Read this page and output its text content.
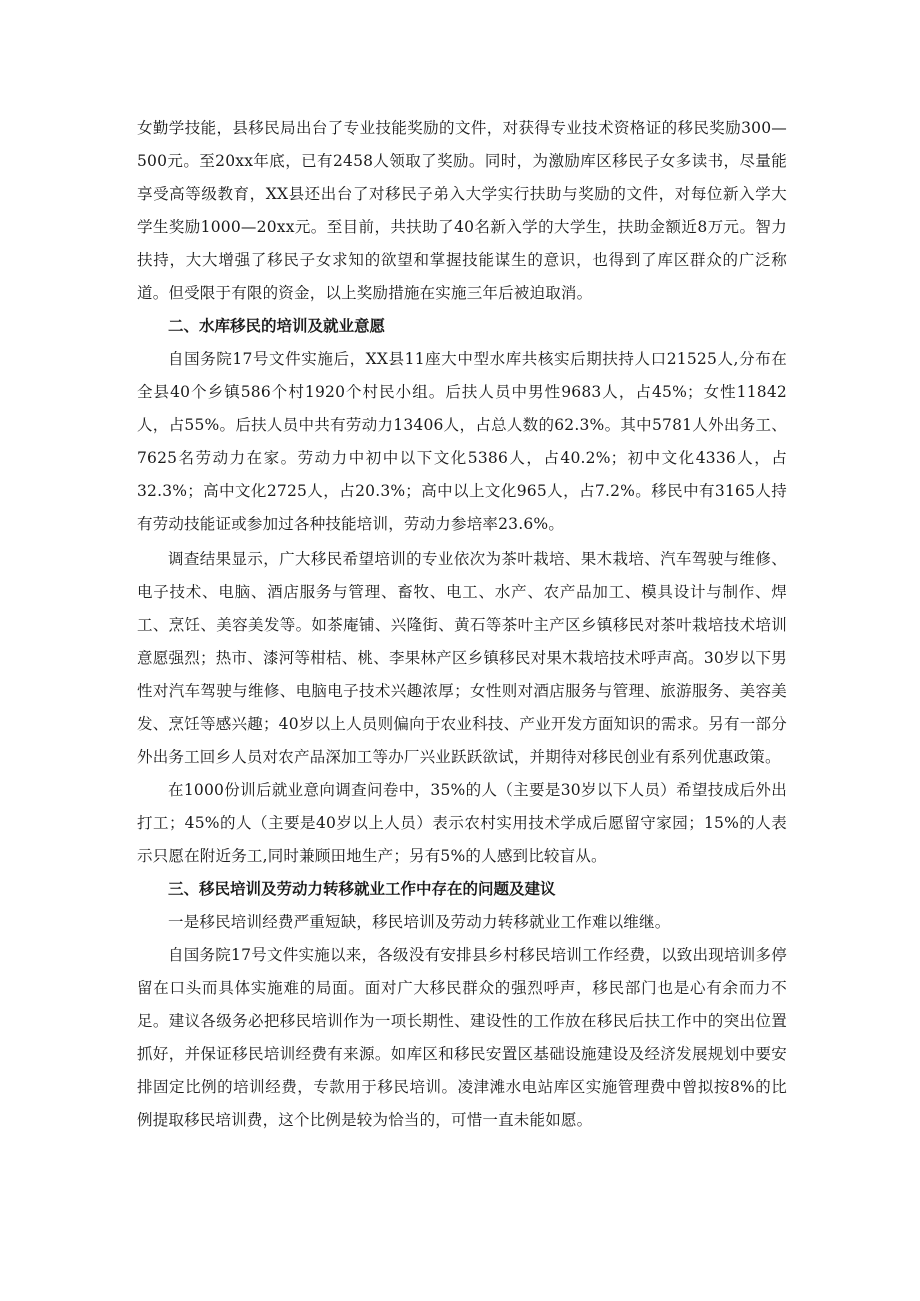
女勤学技能，县移民局出台了专业技能奖励的文件，对获得专业技术资格证的移民奖励300—500元。至20xx年底，已有2458人领取了奖励。同时，为激励库区移民子女多读书，尽量能享受高等级教育，XX县还出台了对移民子弟入大学实行扶助与奖励的文件，对每位新入学大学生奖励1000—20xx元。至目前，共扶助了40名新入学的大学生，扶助金额近8万元。智力扶持，大大增强了移民子女求知的欲望和掌握技能谋生的意识，也得到了库区群众的广泛称道。但受限于有限的资金，以上奖励措施在实施三年后被迫取消。

二、水库移民的培训及就业意愿

自国务院17号文件实施后，XX县11座大中型水库共核实后期扶持人口21525人,分布在全县40个乡镇586个村1920个村民小组。后扶人员中男性9683人，占45%；女性11842人，占55%。后扶人员中共有劳动力13406人，占总人数的62.3%。其中5781人外出务工、7625名劳动力在家。劳动力中初中以下文化5386人，占40.2%；初中文化4336人，占32.3%；高中文化2725人，占20.3%；高中以上文化965人，占7.2%。移民中有3165人持有劳动技能证或参加过各种技能培训，劳动力参培率23.6%。

调查结果显示，广大移民希望培训的专业依次为茶叶栽培、果木栽培、汽车驾驶与维修、电子技术、电脑、酒店服务与管理、畜牧、电工、水产、农产品加工、模具设计与制作、焊工、烹饪、美容美发等。如茶庵铺、兴隆街、黄石等茶叶主产区乡镇移民对茶叶栽培技术培训意愿强烈；热市、漆河等柑桔、桃、李果林产区乡镇移民对果木栽培技术呼声高。30岁以下男性对汽车驾驶与维修、电脑电子技术兴趣浓厚；女性则对酒店服务与管理、旅游服务、美容美发、烹饪等感兴趣；40岁以上人员则偏向于农业科技、产业开发方面知识的需求。另有一部分外出务工回乡人员对农产品深加工等办厂兴业跃跃欲试，并期待对移民创业有系列优惠政策。

在1000份训后就业意向调查问卷中，35%的人（主要是30岁以下人员）希望技成后外出打工；45%的人（主要是40岁以上人员）表示农村实用技术学成后愿留守家园；15%的人表示只愿在附近务工,同时兼顾田地生产；另有5%的人感到比较盲从。

三、移民培训及劳动力转移就业工作中存在的问题及建议

一是移民培训经费严重短缺，移民培训及劳动力转移就业工作难以维继。

自国务院17号文件实施以来，各级没有安排县乡村移民培训工作经费，以致出现培训多停留在口头而具体实施难的局面。面对广大移民群众的强烈呼声，移民部门也是心有余而力不足。建议各级务必把移民培训作为一项长期性、建设性的工作放在移民后扶工作中的突出位置抓好，并保证移民培训经费有来源。如库区和移民安置区基础设施建设及经济发展规划中要安排固定比例的培训经费，专款用于移民培训。凌津滩水电站库区实施管理费中曾拟按8%的比例提取移民培训费，这个比例是较为恰当的，可惜一直未能如愿。
